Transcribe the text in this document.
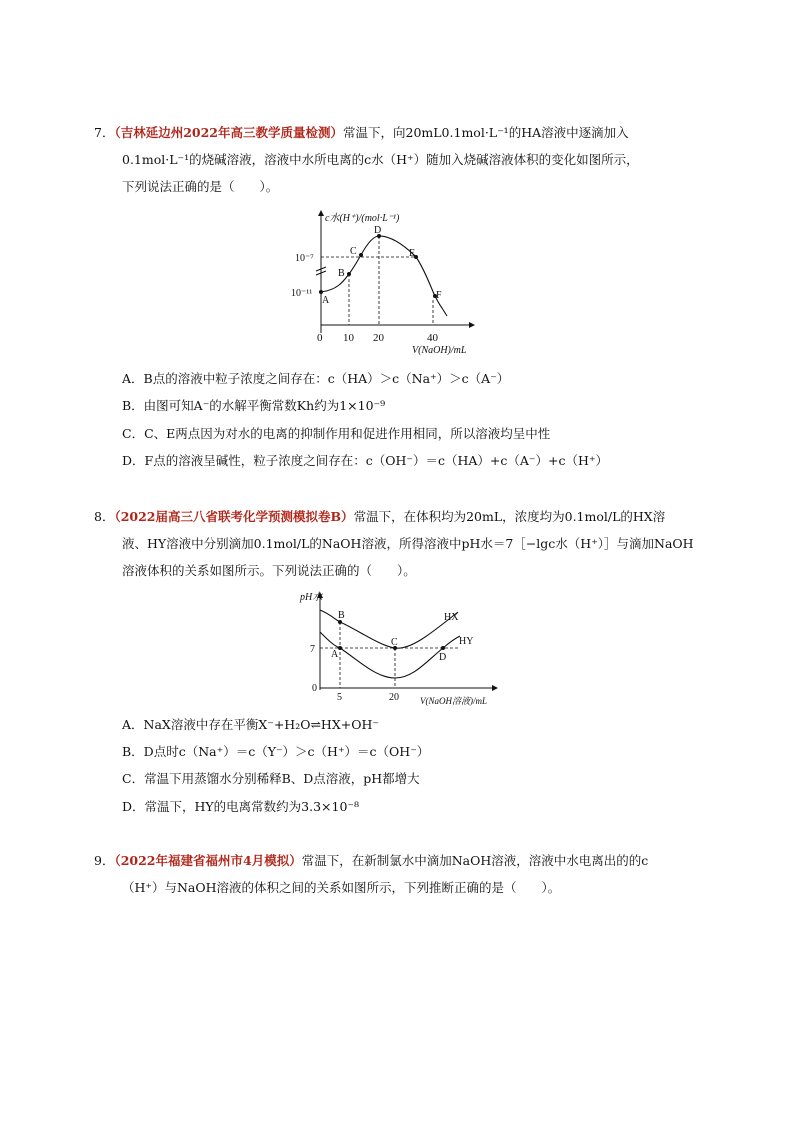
7．（吉林延边州2022年高三教学质量检测）常温下，向20mL0.1mol·L⁻¹的HA溶液中逐滴加入
0.1mol·L⁻¹的烧碱溶液，溶液中水所电离的c水（H⁺）随加入烧碱溶液体积的变化如图所示，
下列说法正确的是（　　）。
c水(H⁺)/(mol·L⁻¹)
10⁻⁷
10⁻¹¹
0 10 20	40
V(NaOH)/mL
A
B
C
D
E
F
A．B点的溶液中粒子浓度之间存在：c（HA）＞c（Na⁺）＞c（A⁻）
B．由图可知A⁻的水解平衡常数Kh约为1×10⁻⁹
C．C、E两点因为对水的电离的抑制作用和促进作用相同，所以溶液均呈中性
D．F点的溶液呈碱性，粒子浓度之间存在：c（OH⁻）＝c（HA）+c（A⁻）+c（H⁺）
8．（2022届高三八省联考化学预测模拟卷B）常温下，在体积均为20mL，浓度均为0.1mol/L的HX溶
液、HY溶液中分别滴加0.1mol/L的NaOH溶液，所得溶液中pH水＝7［−lgc水（H⁺）］与滴加NaOH
溶液体积的关系如图所示。下列说法正确的（　　）。
pH水
7
0
5	20 V(NaOH溶液)/mL
B
A
C
D
HX
HY
A．NaX溶液中存在平衡X⁻+H₂O⇌HX+OH⁻
B．D点时c（Na⁺）＝c（Y⁻）＞c（H⁺）＝c（OH⁻）
C．常温下用蒸馏水分别稀释B、D点溶液，pH都增大
D．常温下，HY的电离常数约为3.3×10⁻⁸
9．（2022年福建省福州市4月模拟）常温下，在新制氯水中滴加NaOH溶液，溶液中水电离出的的c
（H⁺）与NaOH溶液的体积之间的关系如图所示，下列推断正确的是（　　）。
